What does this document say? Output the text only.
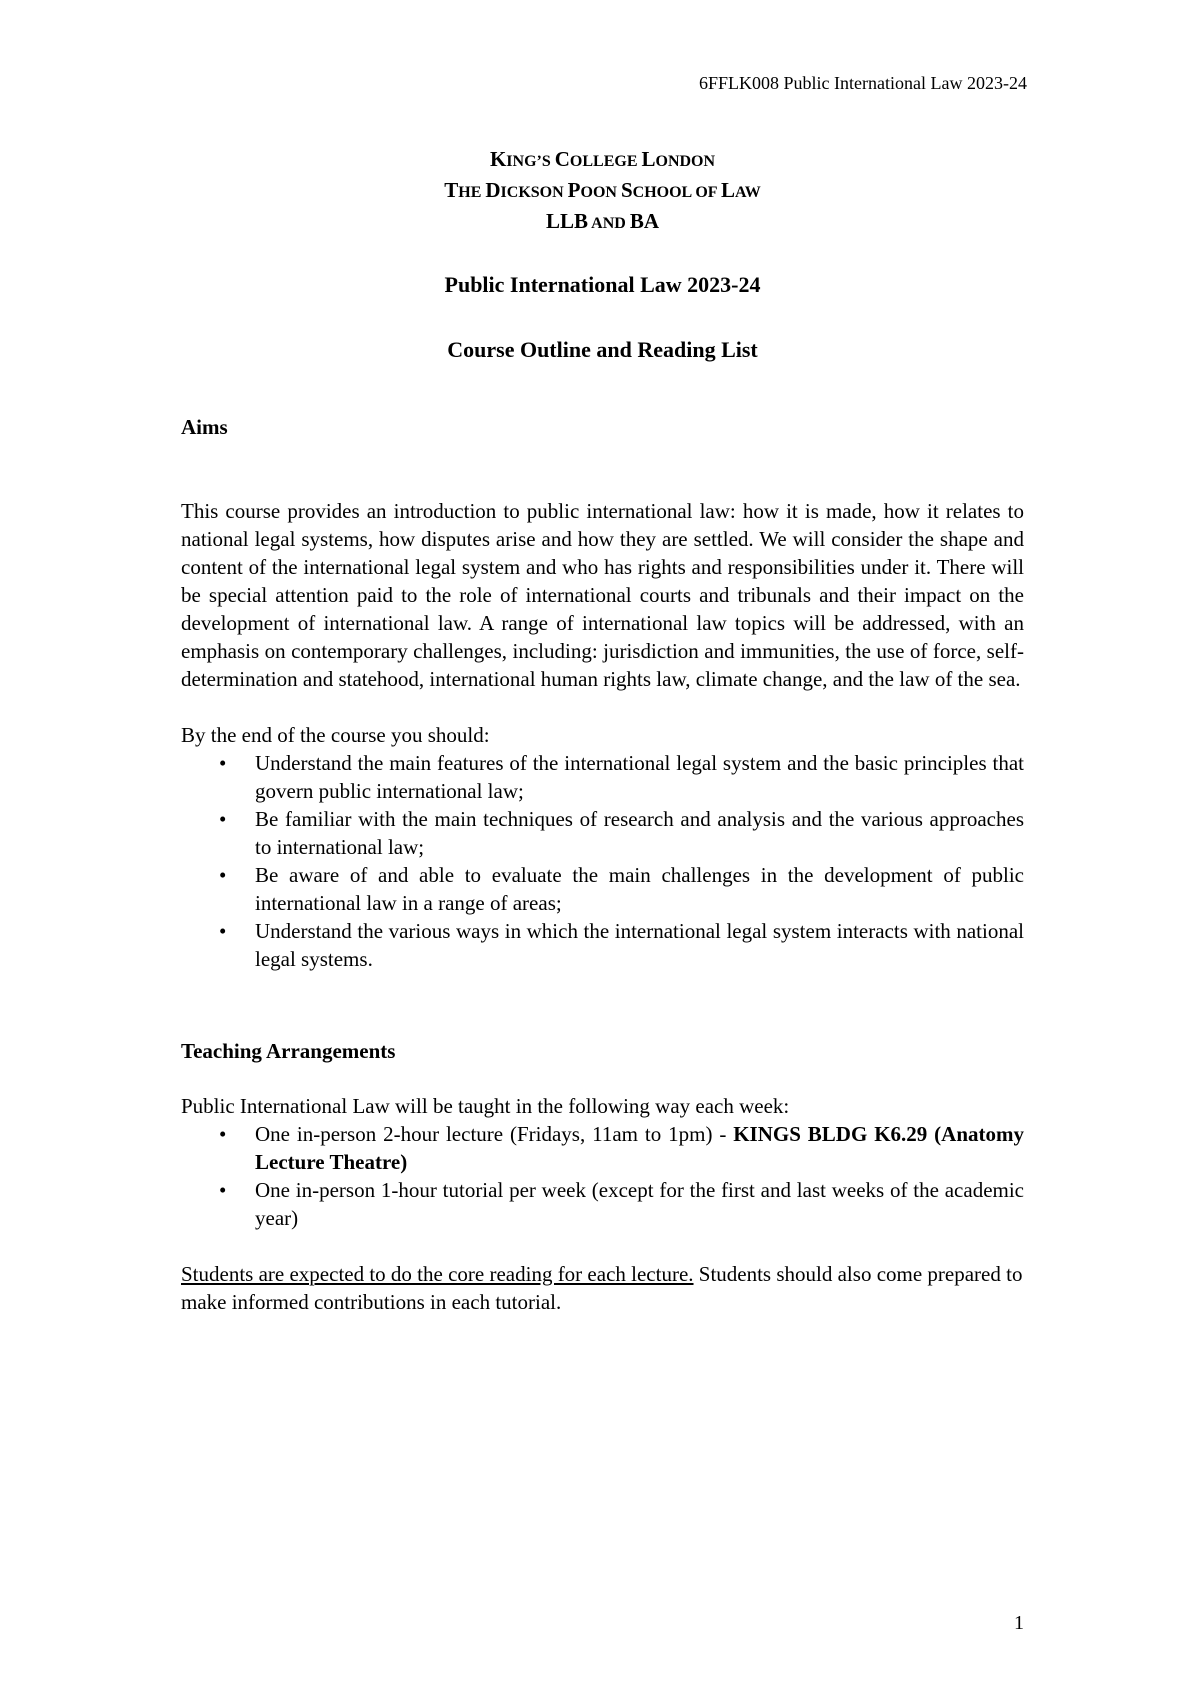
6FFLK008 Public International Law 2023-24
KING’S COLLEGE LONDON
THE DICKSON POON SCHOOL OF LAW
LLB AND BA
Public International Law 2023-24
Course Outline and Reading List
Aims
This course provides an introduction to public international law: how it is made, how it relates to national legal systems, how disputes arise and how they are settled. We will consider the shape and content of the international legal system and who has rights and responsibilities under it. There will be special attention paid to the role of international courts and tribunals and their impact on the development of international law. A range of international law topics will be addressed, with an emphasis on contemporary challenges, including: jurisdiction and immunities, the use of force, self-determination and statehood, international human rights law, climate change, and the law of the sea.
By the end of the course you should:
• Understand the main features of the international legal system and the basic principles that govern public international law;
• Be familiar with the main techniques of research and analysis and the various approaches to international law;
• Be aware of and able to evaluate the main challenges in the development of public international law in a range of areas;
• Understand the various ways in which the international legal system interacts with national legal systems.
Teaching Arrangements
Public International Law will be taught in the following way each week:
• One in-person 2-hour lecture (Fridays, 11am to 1pm) - KINGS BLDG K6.29 (Anatomy Lecture Theatre)
• One in-person 1-hour tutorial per week (except for the first and last weeks of the academic year)
Students are expected to do the core reading for each lecture. Students should also come prepared to make informed contributions in each tutorial.
1
